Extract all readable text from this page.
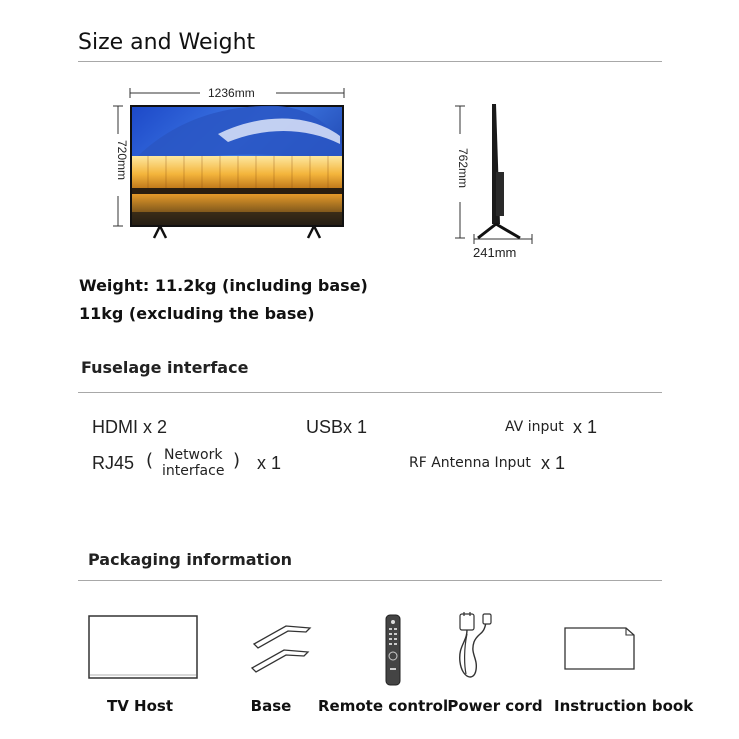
Size and Weight
1236mm
720mm	762mm
241mm
Weight: 11.2kg (including base)
11kg (excluding the base)
Fuselage interface
HDMI x 2	USBx 1	AV input x 1
RJ45 ( Network
interface ) x 1	RF Antenna Input x 1
Packaging information
TV Host	Base	Remote control Power cord Instruction book
